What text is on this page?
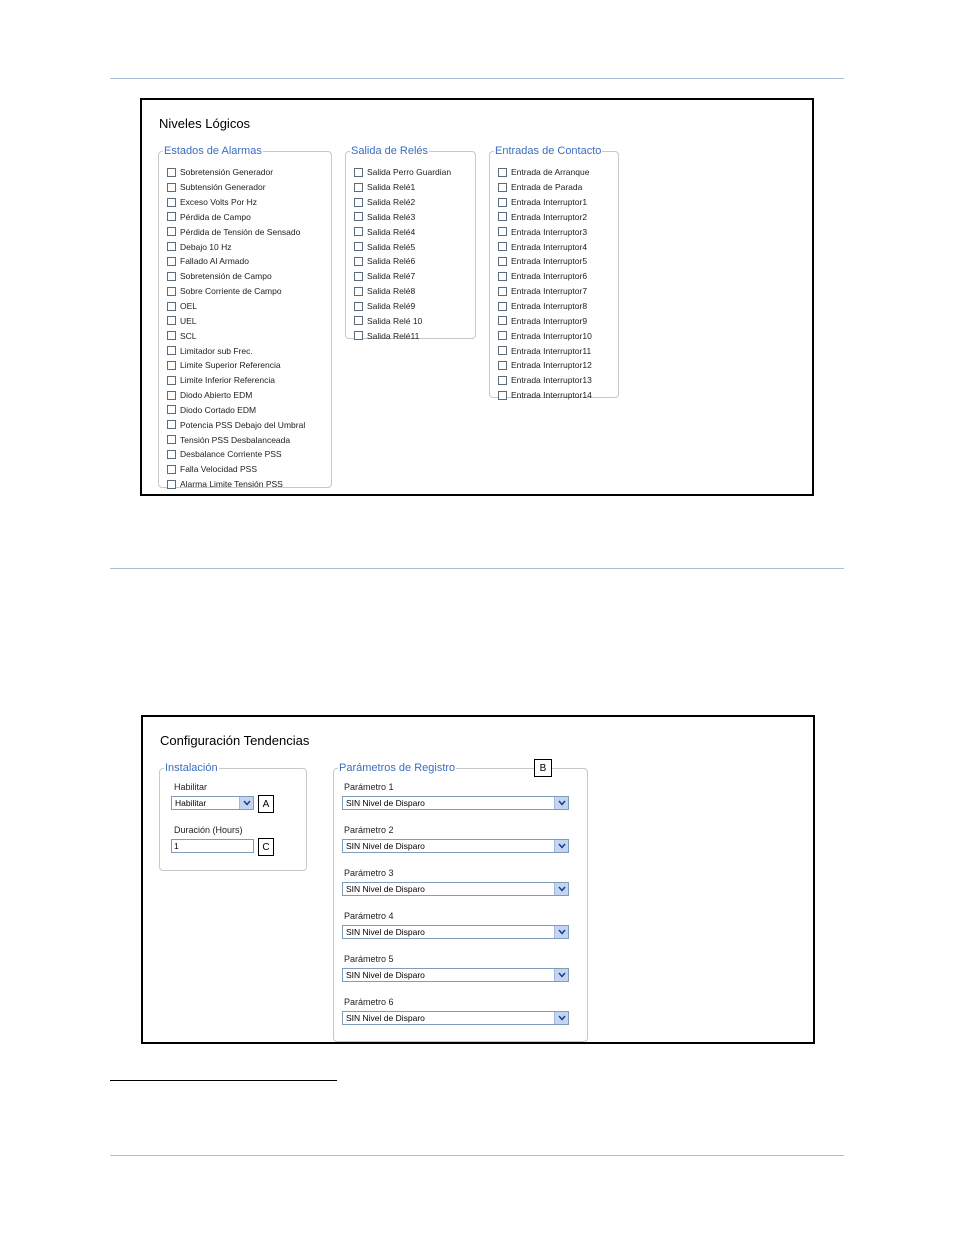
Niveles Lógicos
Estados de Alarmas
Sobretensión Generador
Subtensión Generador
Exceso Volts Por Hz
Pérdida de Campo
Pérdida de Tensión de Sensado
Debajo 10 Hz
Fallado Al Armado
Sobretensión de Campo
Sobre Corriente de Campo
OEL
UEL
SCL
Limitador sub Frec.
Limite Superior Referencia
Limite Inferior Referencia
Diodo Abierto EDM
Diodo Cortado EDM
Potencia PSS Debajo del Umbral
Tensión PSS Desbalanceada
Desbalance Corriente PSS
Falla Velocidad PSS
Alarma Limite Tensión PSS
Salida de Relés
Salida Perro Guardian
Salida Relé1
Salida Relé2
Salida Relé3
Salida Relé4
Salida Relé5
Salida Relé6
Salida Relé7
Salida Relé8
Salida Relé9
Salida Relé 10
Salida Relé11
Entradas de Contacto
Entrada de Arranque
Entrada de Parada
Entrada Interruptor1
Entrada Interruptor2
Entrada Interruptor3
Entrada Interruptor4
Entrada Interruptor5
Entrada Interruptor6
Entrada Interruptor7
Entrada Interruptor8
Entrada Interruptor9
Entrada Interruptor10
Entrada Interruptor11
Entrada Interruptor12
Entrada Interruptor13
Entrada Interruptor14
Configuración Tendencias
Instalación
Habilitar
Habilitar	A
Duración (Hours)
1	C
Parámetros de Registro	B
Parámetro 1
SIN Nivel de Disparo
Parámetro 2
SIN Nivel de Disparo
Parámetro 3
SIN Nivel de Disparo
Parámetro 4
SIN Nivel de Disparo
Parámetro 5
SIN Nivel de Disparo
Parámetro 6
SIN Nivel de Disparo
